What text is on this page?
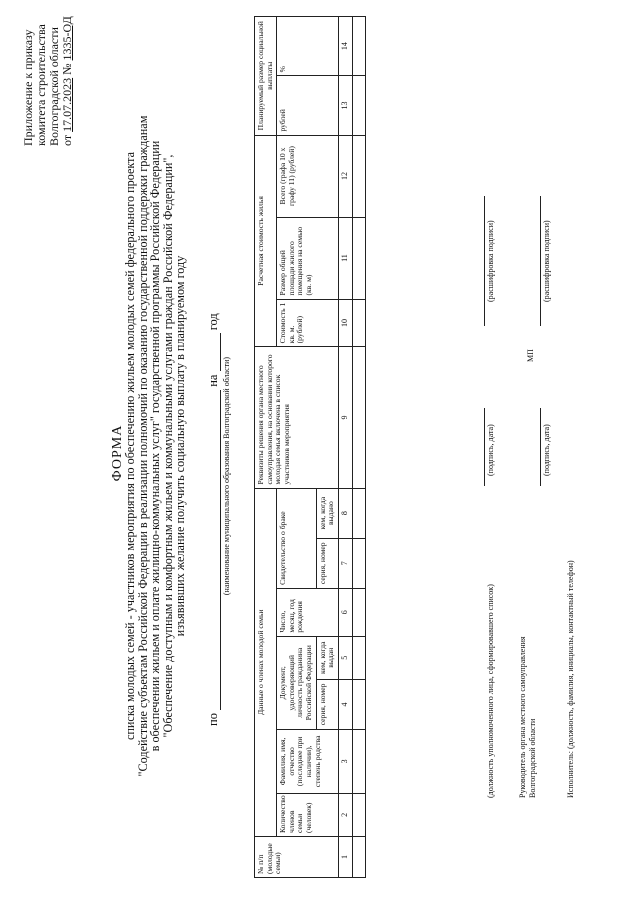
Приложение к приказу комитета строительства Волгоградской области от 17.07.2023 № 1335-ОД
ФОРМА
списка молодых семей - участников мероприятия по обеспечению жильем молодых семей федерального проекта
"Содействие субъектам Российской Федерации в реализации полномочий по оказанию государственной поддержки гражданам
в обеспечении жильем и оплате жилищно-коммунальных услуг" государственной программы Российской Федерации
"Обеспечение доступным и комфортным жильем и коммунальными услугами граждан Российской Федерации",
изъявивших желание получить социальную выплату в планируемом году
по  на  год
(наименование муниципального образования Волгоградской области)
№ п/п (молодые семьи)	Данные о членах молодой семьи							Реквизиты решения органа местного самоуправления, на основании которого молодая семья включена в список участников мероприятия	Расчетная стоимость жилья			Планируемый размер социальной выплаты	
	Количество членов семьи (человек)	Фамилия, имя, отчество (последнее при наличии), степень родства	Документ, удостоверяющий личность гражданина Российской Федерации		Число, месяц, год рождения	Свидетельство о браке			Стоимость 1 кв. м. (рублей)	Размер общей площади жилого помещения на семью (кв. м)	Всего (графа 10 х графу 11) (рублей)	рублей	%
			серия, номер	кем, когда выдан		серия, номер	кем, когда выдано						
1	2	3	4	5	6	7	8	9	10	11	12	13	14

(должность уполномоченного лица, сформировавшего список)
(подпись, дата)
(расшифровка подписи)
Руководитель органа местного самоуправления Волгоградской области
(подпись, дата)
МП
(расшифровка подписи)
Исполнитель: (должность, фамилия, инициалы, контактный телефон)
